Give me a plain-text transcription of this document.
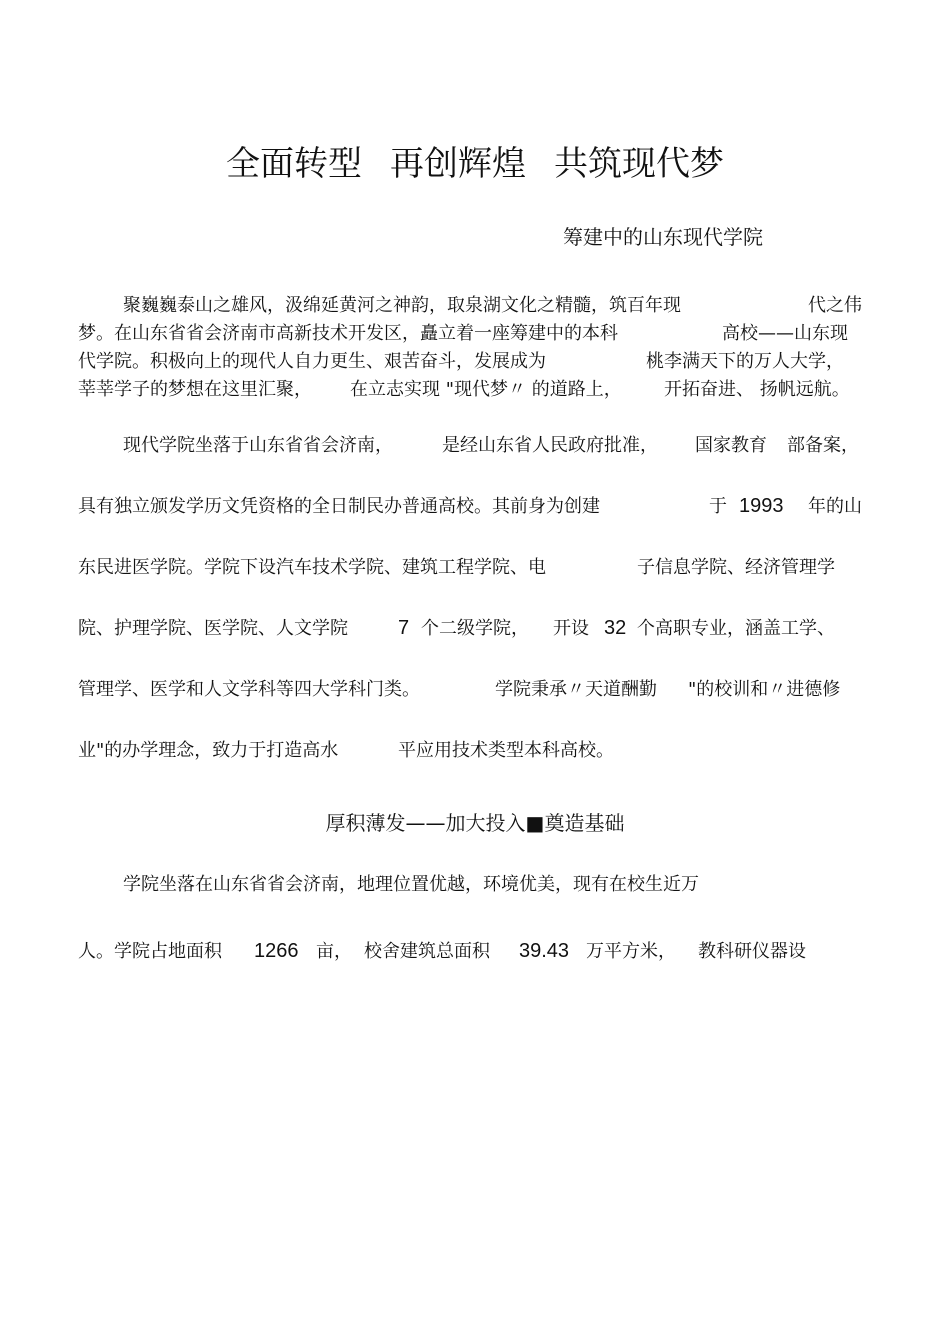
全面转型 再创辉煌 共筑现代梦
筹建中的山东现代学院
聚巍巍泰山之雄风，汲绵延黄河之神韵，取泉湖文化之精髓，筑百年现	代之伟
梦。在山东省省会济南市高新技术开发区，矗立着一座筹建中的本科	高校——山东现
代学院。积极向上的现代人自力更生、艰苦奋斗，发展成为	桃李满天下的万人大学，
莘莘学子的梦想在这里汇聚， 在立志实现 "现代梦〃 的道路上， 开拓奋进、 扬帆远航。
现代学院坐落于山东省省会济南，	是经山东省人民政府批准， 国家教育 部备案，
具有独立颁发学历文凭资格的全日制民办普通高校。其前身为创建	于 1993 年的山
东民进医学院。学院下设汽车技术学院、建筑工程学院、电	子信息学院、经济管理学
院、护理学院、医学院、人文学院	7 个二级学院， 开设 32 个高职专业，涵盖工学、
管理学、医学和人文学科等四大学科门类。	学院秉承〃天道酬勤 "的校训和〃进德修
业"的办学理念，致力于打造高水	平应用技术类型本科高校。
厚积薄发——加大投入■奠造基础
学院坐落在山东省省会济南，地理位置优越，环境优美，现有在校生近万
人。学院占地面积 1266 亩， 校舍建筑总面积 39.43 万平方米， 教科研仪器设
